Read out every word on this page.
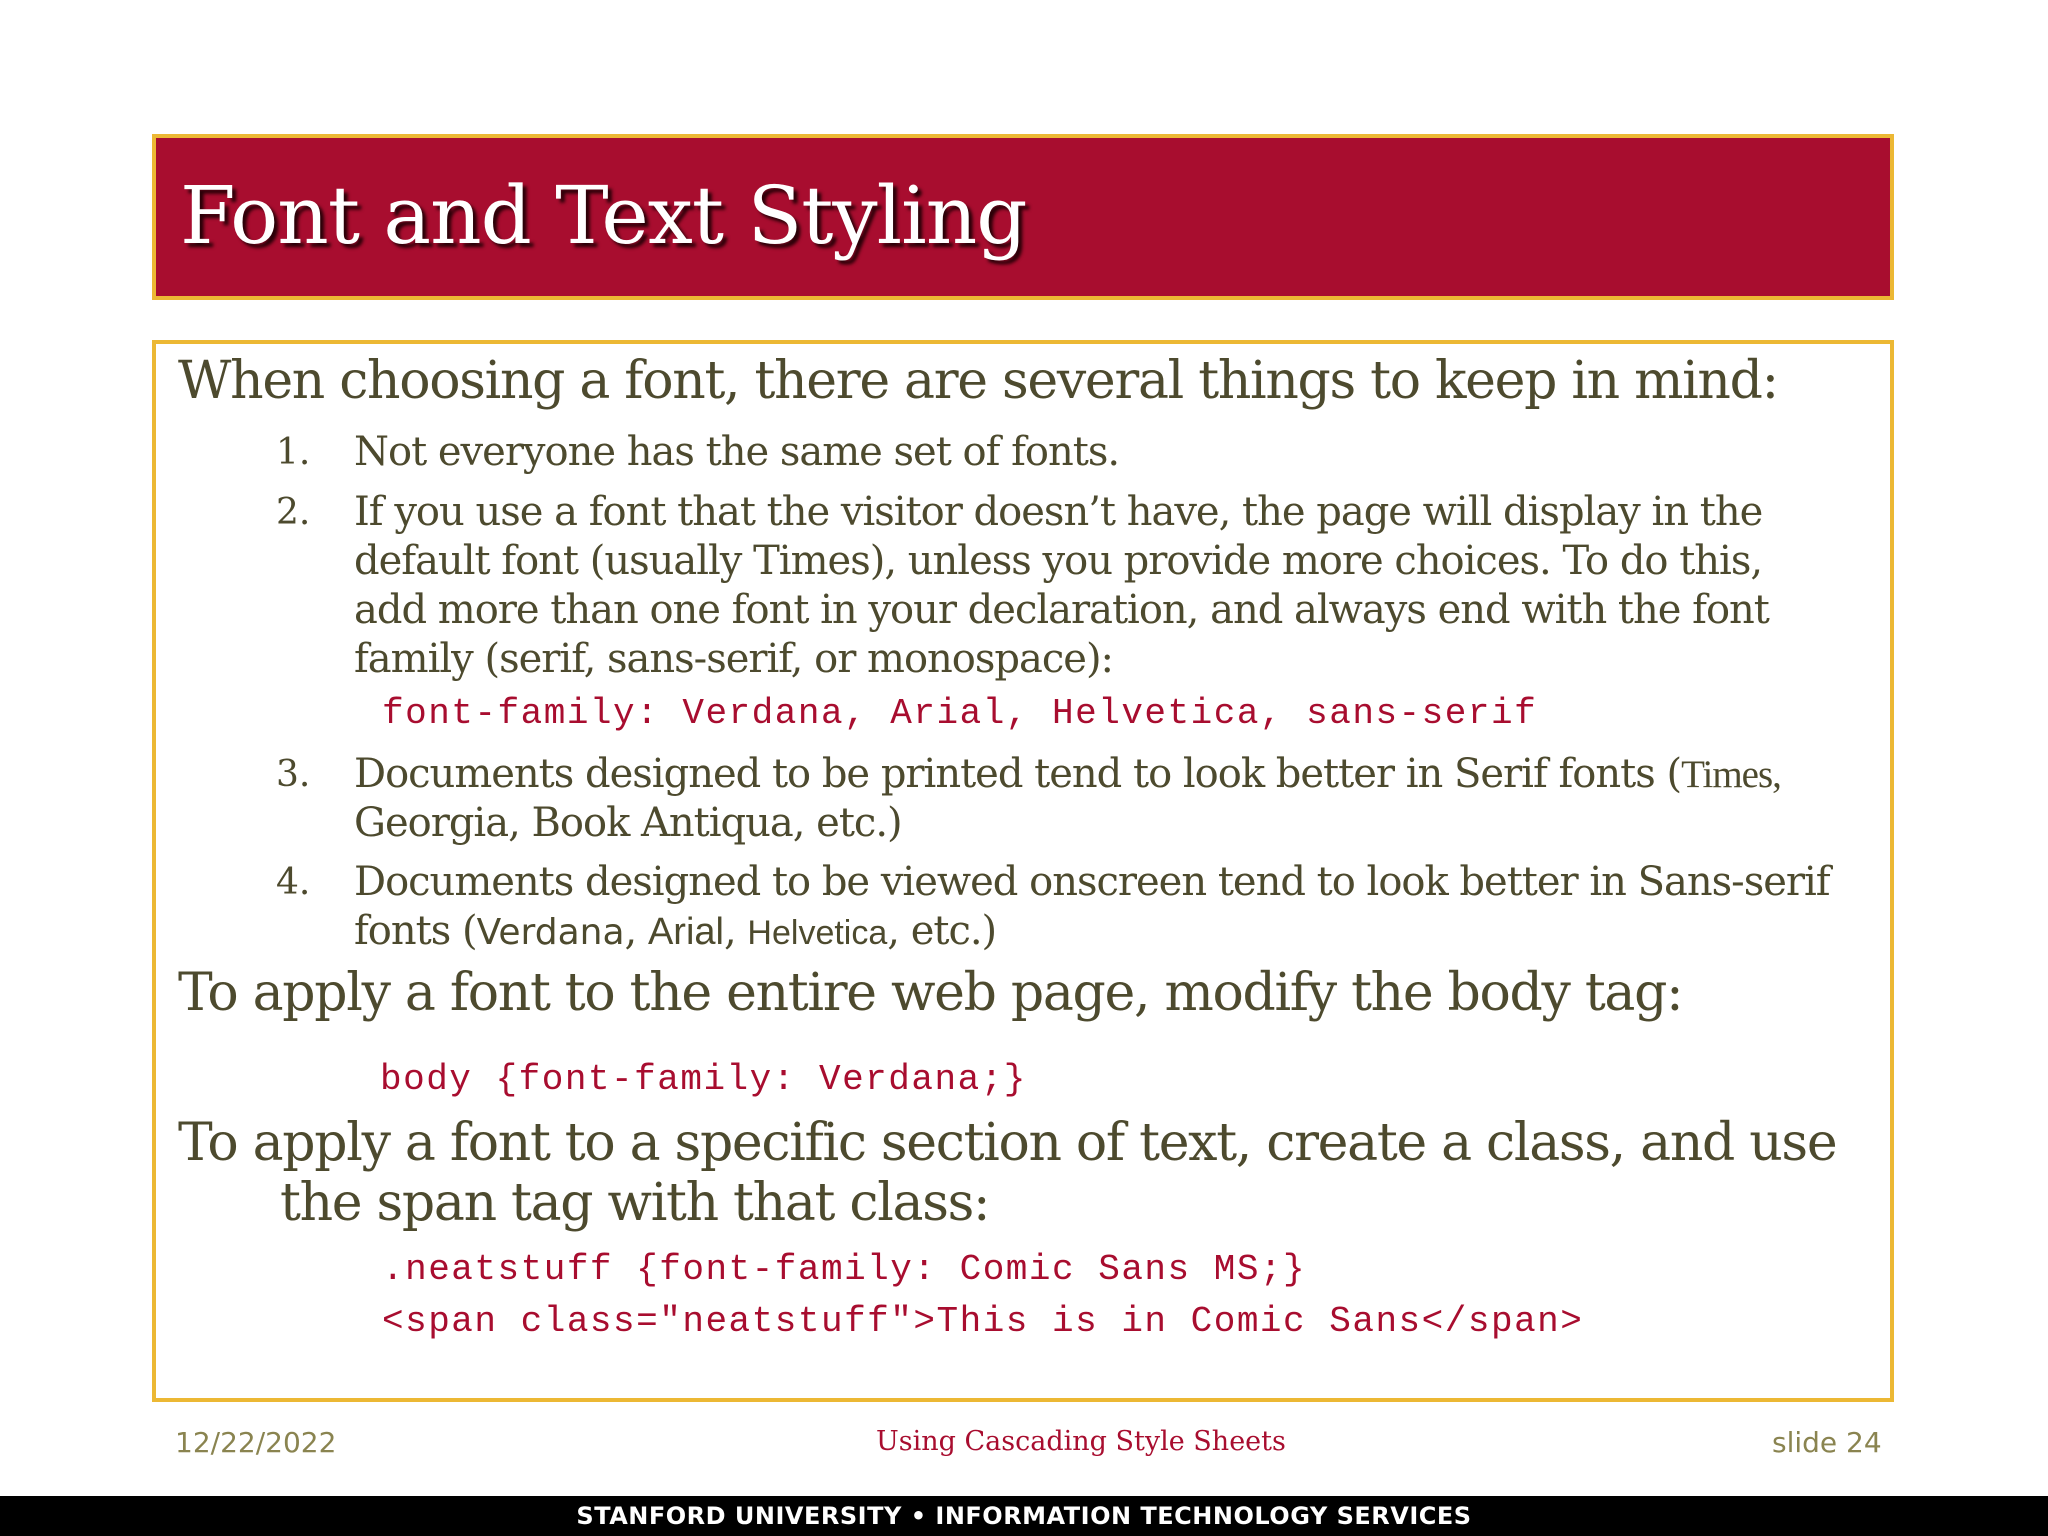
Font and Text Styling

When choosing a font, there are several things to keep in mind:

1. Not everyone has the same set of fonts.

2. If you use a font that the visitor doesn’t have, the page will display in the

default font (usually Times), unless you provide more choices. To do this,

add more than one font in your declaration, and always end with the font

family (serif, sans-serif, or monospace):

font-family: Verdana, Arial, Helvetica, sans-serif

3. Documents designed to be printed tend to look better in Serif fonts (Times,

Georgia, Book Antiqua, etc.)

4. Documents designed to be viewed onscreen tend to look better in Sans-serif

fonts (Verdana, Arial, Helvetica, etc.)

To apply a font to the entire web page, modify the body tag:

body {font-family: Verdana;}

To apply a font to a specific section of text, create a class, and use

the span tag with that class:

.neatstuff {font-family: Comic Sans MS;}

<span class="neatstuff">This is in Comic Sans</span>

12/22/2022	Using Cascading Style Sheets	slide 24
STANFORD UNIVERSITY • INFORMATION TECHNOLOGY SERVICES
